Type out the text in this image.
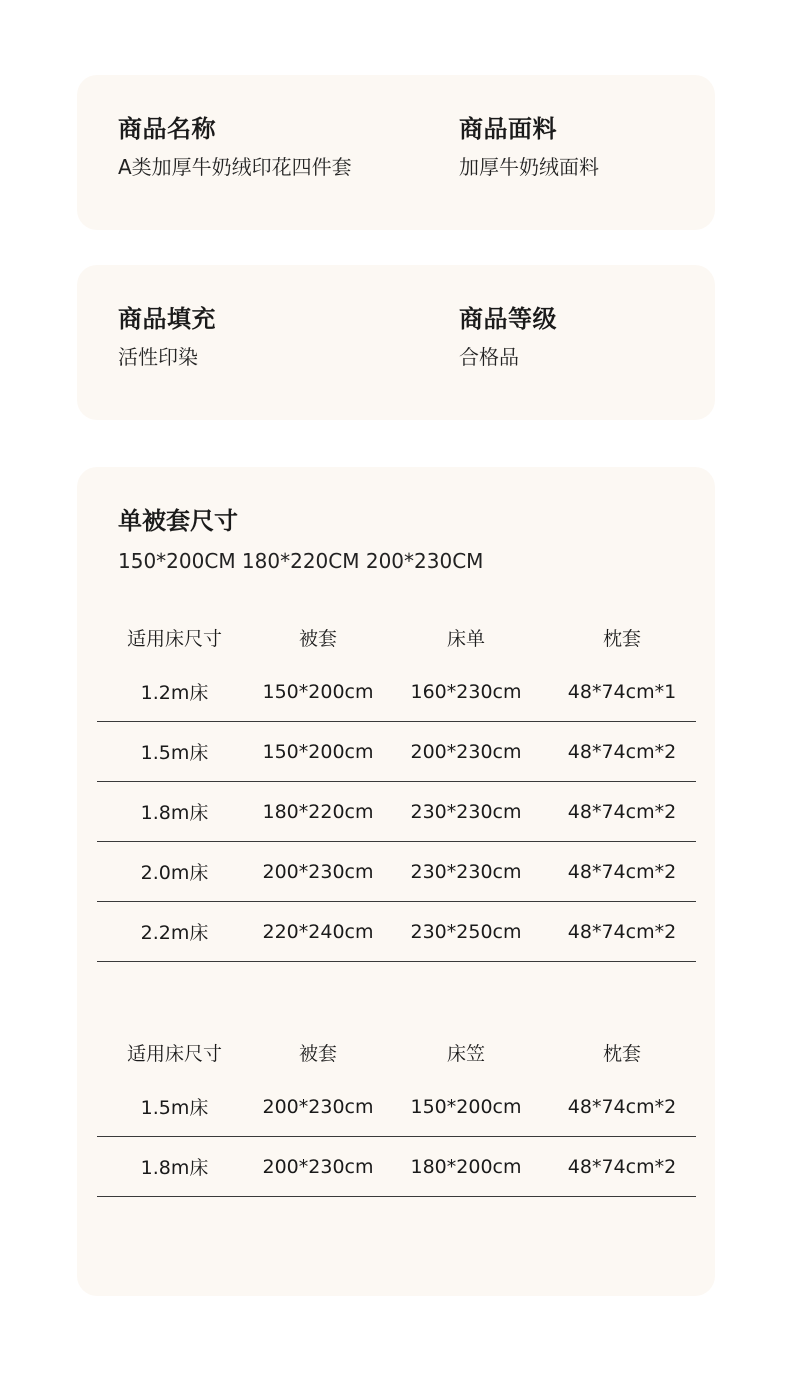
商品名称
A类加厚牛奶绒印花四件套
商品面料
加厚牛奶绒面料
商品填充
活性印染
商品等级
合格品
单被套尺寸
150*200CM 180*220CM 200*230CM
适用床尺寸	被套	床单	枕套
1.2m床	150*200cm	160*230cm	48*74cm*1
1.5m床	150*200cm	200*230cm	48*74cm*2
1.8m床	180*220cm	230*230cm	48*74cm*2
2.0m床	200*230cm	230*230cm	48*74cm*2
2.2m床	220*240cm	230*250cm	48*74cm*2
适用床尺寸	被套	床笠	枕套
1.5m床	200*230cm	150*200cm	48*74cm*2
1.8m床	200*230cm	180*200cm	48*74cm*2
